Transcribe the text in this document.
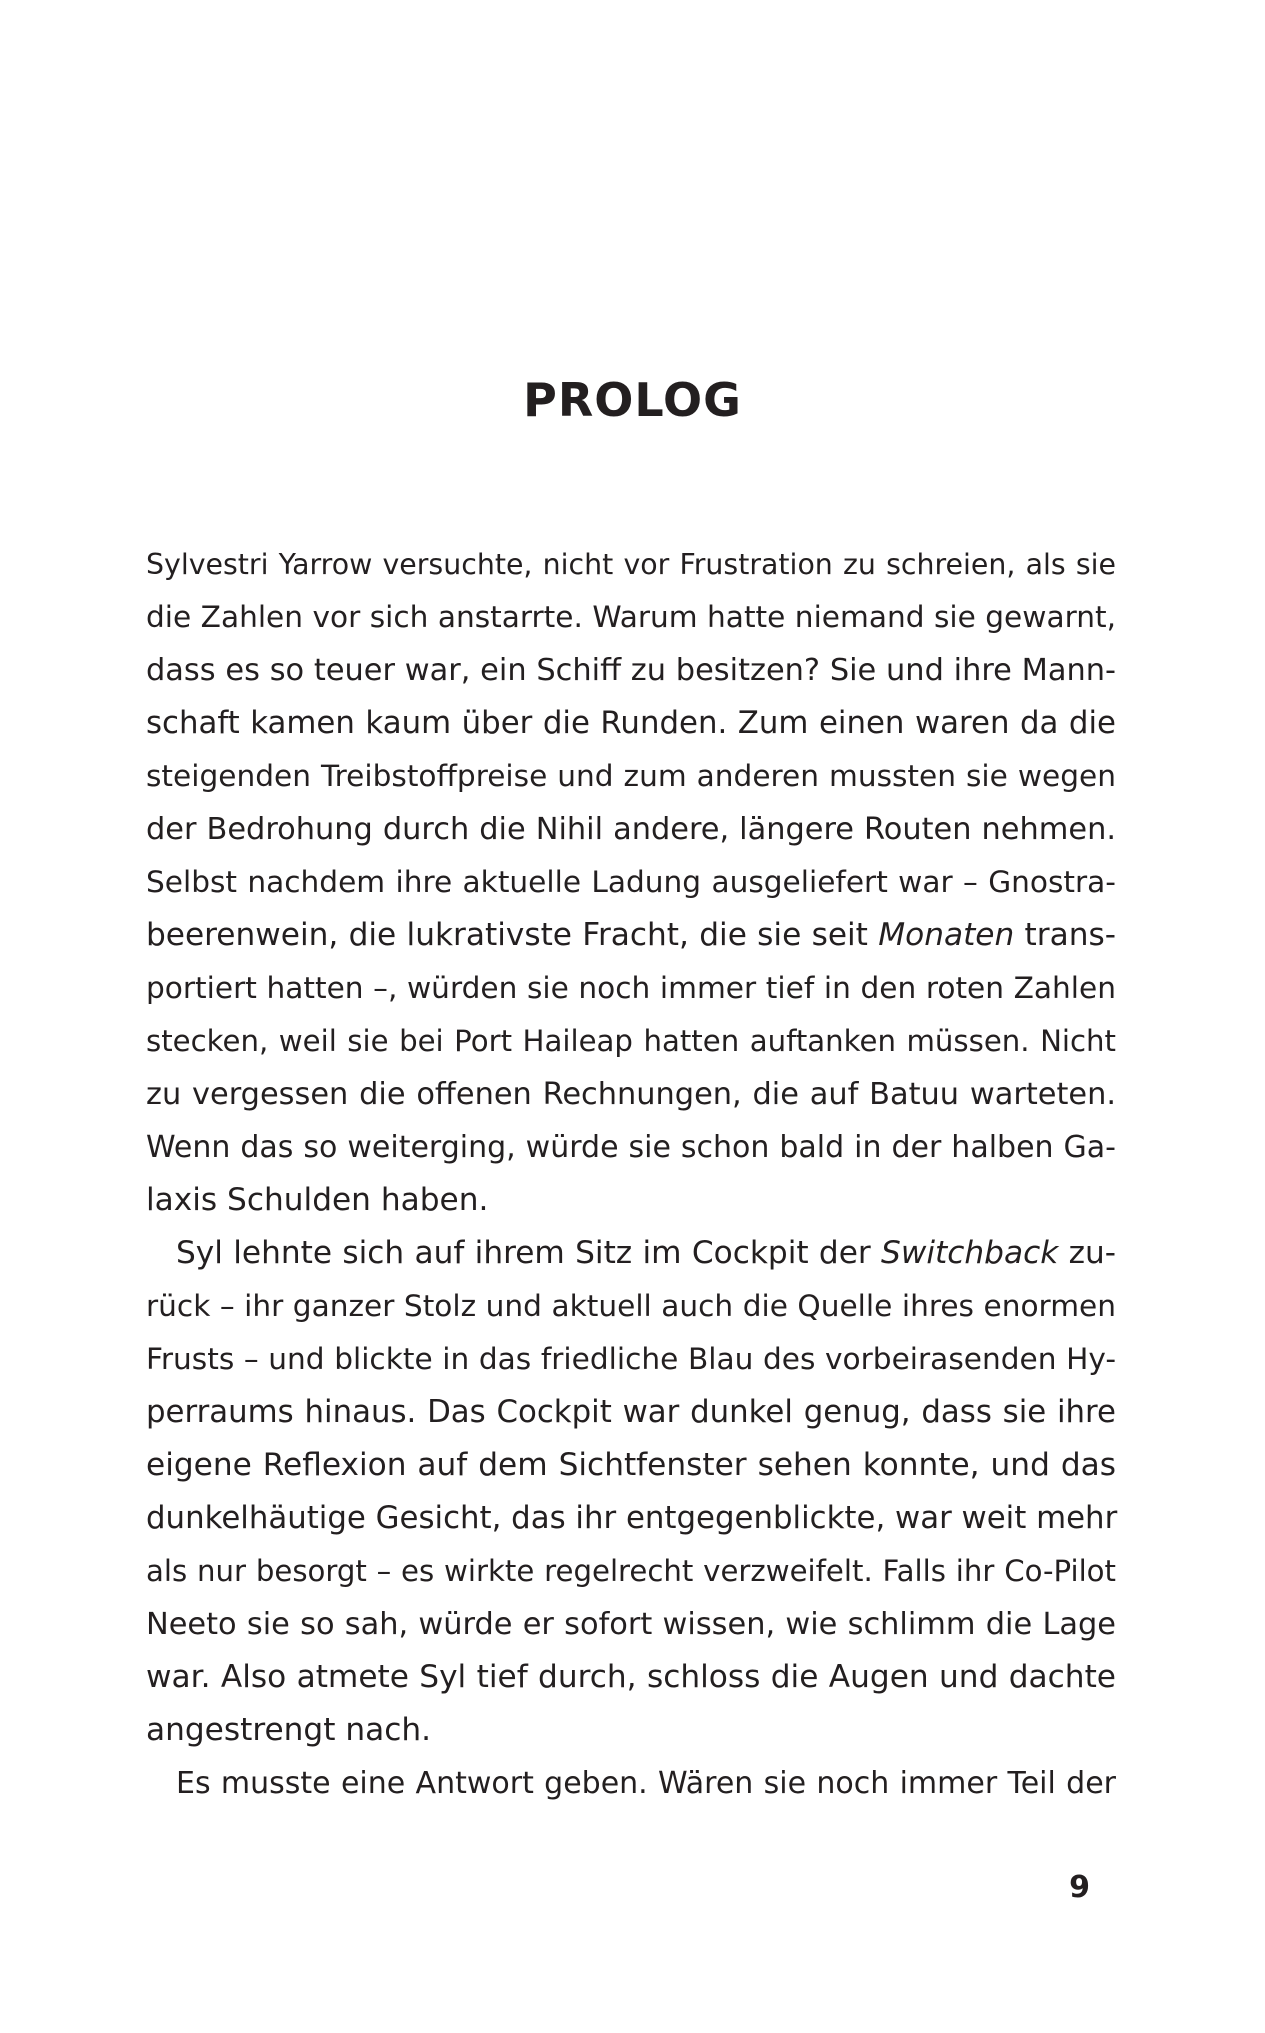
PROLOG
Sylvestri Yarrow versuchte, nicht vor Frustration zu schreien, als sie
die Zahlen vor sich anstarrte. Warum hatte niemand sie gewarnt,
dass es so teuer war, ein Schiff zu besitzen? Sie und ihre Mann-
schaft kamen kaum über die Runden. Zum einen waren da die
steigenden Treibstoffpreise und zum anderen mussten sie wegen
der Bedrohung durch die Nihil andere, längere Routen nehmen.
Selbst nachdem ihre aktuelle Ladung ausgeliefert war – Gnostra-
beerenwein, die lukrativste Fracht, die sie seit Monaten trans-
portiert hatten –, würden sie noch immer tief in den roten Zahlen
stecken, weil sie bei Port Haileap hatten auftanken müssen. Nicht
zu vergessen die offenen Rechnungen, die auf Batuu warteten.
Wenn das so weiterging, würde sie schon bald in der halben Ga-
laxis Schulden haben.
Syl lehnte sich auf ihrem Sitz im Cockpit der Switchback zu-
rück – ihr ganzer Stolz und aktuell auch die Quelle ihres enormen
Frusts – und blickte in das friedliche Blau des vorbeirasenden Hy-
perraums hinaus. Das Cockpit war dunkel genug, dass sie ihre
eigene Reflexion auf dem Sichtfenster sehen konnte, und das
dunkelhäutige Gesicht, das ihr entgegenblickte, war weit mehr
als nur besorgt – es wirkte regelrecht verzweifelt. Falls ihr Co-Pilot
Neeto sie so sah, würde er sofort wissen, wie schlimm die Lage
war. Also atmete Syl tief durch, schloss die Augen und dachte
angestrengt nach.
Es musste eine Antwort geben. Wären sie noch immer Teil der
9
